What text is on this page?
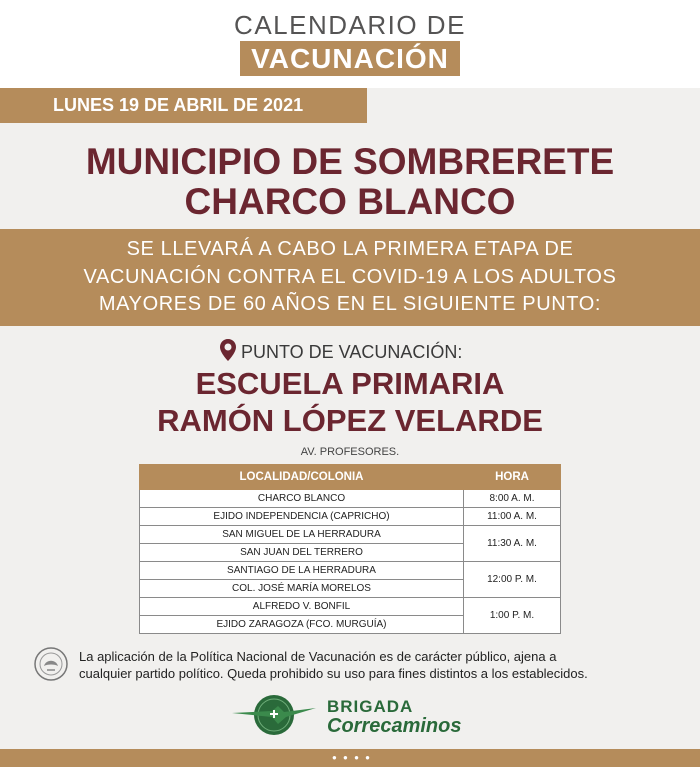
CALENDARIO DE
VACUNACIÓN
LUNES 19 DE ABRIL DE 2021
MUNICIPIO DE SOMBRERETE
CHARCO BLANCO
SE LLEVARÁ A CABO LA PRIMERA ETAPA DE
VACUNACIÓN CONTRA EL COVID-19 A LOS ADULTOS
MAYORES DE 60 AÑOS EN EL SIGUIENTE PUNTO:
PUNTO DE VACUNACIÓN:
ESCUELA PRIMARIA
RAMÓN LÓPEZ VELARDE
AV. PROFESORES.
LOCALIDAD/COLONIA	HORA
CHARCO BLANCO	8:00 A. M.
EJIDO INDEPENDENCIA (CAPRICHO)	11:00 A. M.
SAN MIGUEL DE LA HERRADURA	11:30 A. M.
SAN JUAN DEL TERRERO	
SANTIAGO DE LA HERRADURA	12:00 P. M.
COL. JOSÉ MARÍA MORELOS	
ALFREDO V. BONFIL	1:00 P. M.
EJIDO ZARAGOZA (FCO. MURGUÍA)	
La aplicación de la Política Nacional de Vacunación es de carácter público, ajena a
cualquier partido político. Queda prohibido su uso para fines distintos a los establecidos.
BRIGADA
Correcaminos
● ● ● ●
